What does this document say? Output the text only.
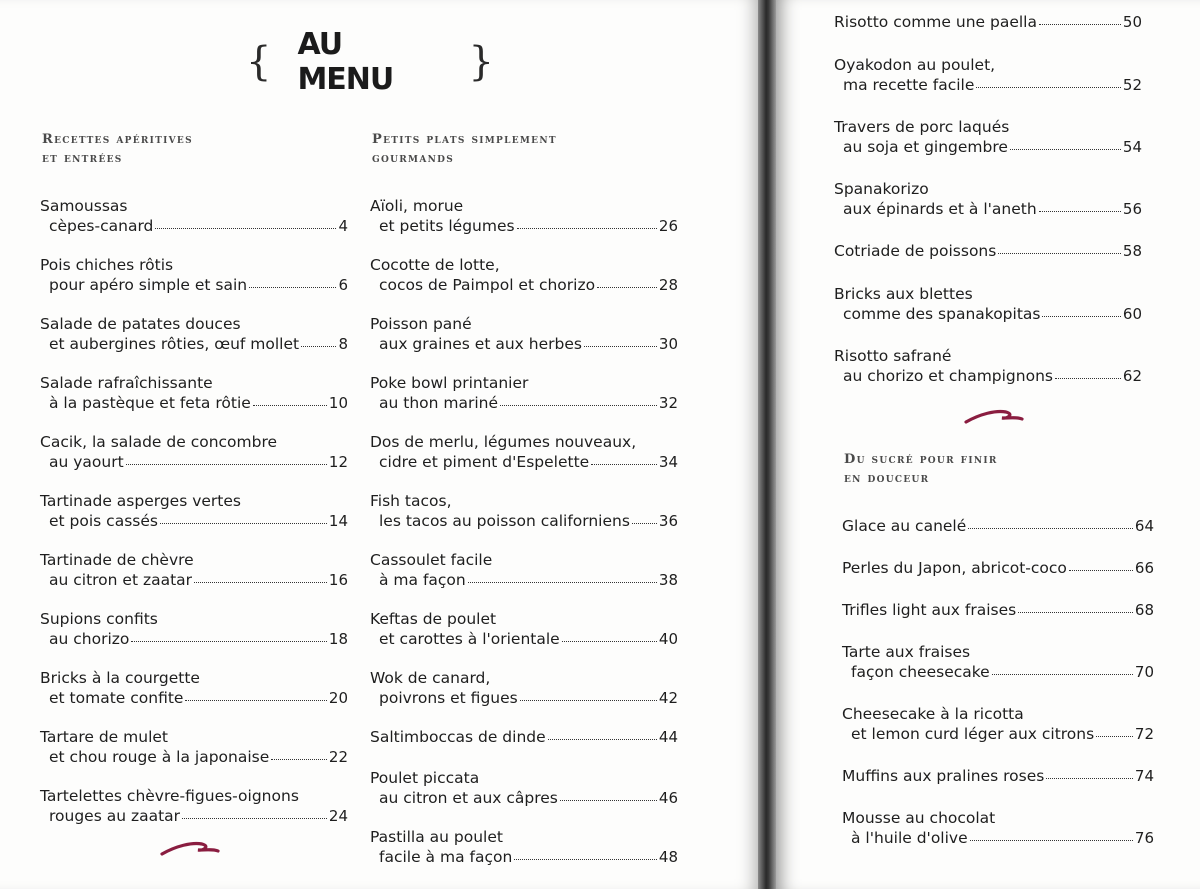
{ AU MENU	}
Recettes apéritives
et entrées
Samoussas
cèpes-canard	4
Pois chiches rôtis
pour apéro simple et sain	6
Salade de patates douces
et aubergines rôties, œuf mollet	8
Salade rafraîchissante
à la pastèque et feta rôtie	10
Cacik, la salade de concombre
au yaourt	12
Tartinade asperges vertes
et pois cassés	14
Tartinade de chèvre
au citron et zaatar	16
Supions confits
au chorizo	18
Bricks à la courgette
et tomate confite	20
Tartare de mulet
et chou rouge à la japonaise	22
Tartelettes chèvre-figues-oignons
rouges au zaatar	24
Petits plats simplement
gourmands
Aïoli, morue
et petits légumes	26
Cocotte de lotte,
cocos de Paimpol et chorizo	28
Poisson pané
aux graines et aux herbes	30
Poke bowl printanier
au thon mariné	32
Dos de merlu, légumes nouveaux,
cidre et piment d'Espelette	34
Fish tacos,
les tacos au poisson californiens 36
Cassoulet facile
à ma façon	38
Keftas de poulet
et carottes à l'orientale	40
Wok de canard,
poivrons et figues	42
Saltimboccas de dinde	44
Poulet piccata
au citron et aux câpres	46
Pastilla au poulet
facile à ma façon	48
Risotto comme une paella	50
Oyakodon au poulet,
ma recette facile	52
Travers de porc laqués
au soja et gingembre	54
Spanakorizo
aux épinards et à l'aneth	56
Cotriade de poissons	58
Bricks aux blettes
comme des spanakopitas	60
Risotto safrané
au chorizo et champignons	62
Du sucré pour finir
en douceur
Glace au canelé	64
Perles du Japon, abricot-coco	66
Trifles light aux fraises	68
Tarte aux fraises
façon cheesecake	70
Cheesecake à la ricotta
et lemon curd léger aux citrons	72
Muffins aux pralines roses	74
Mousse au chocolat
à l'huile d'olive	76
